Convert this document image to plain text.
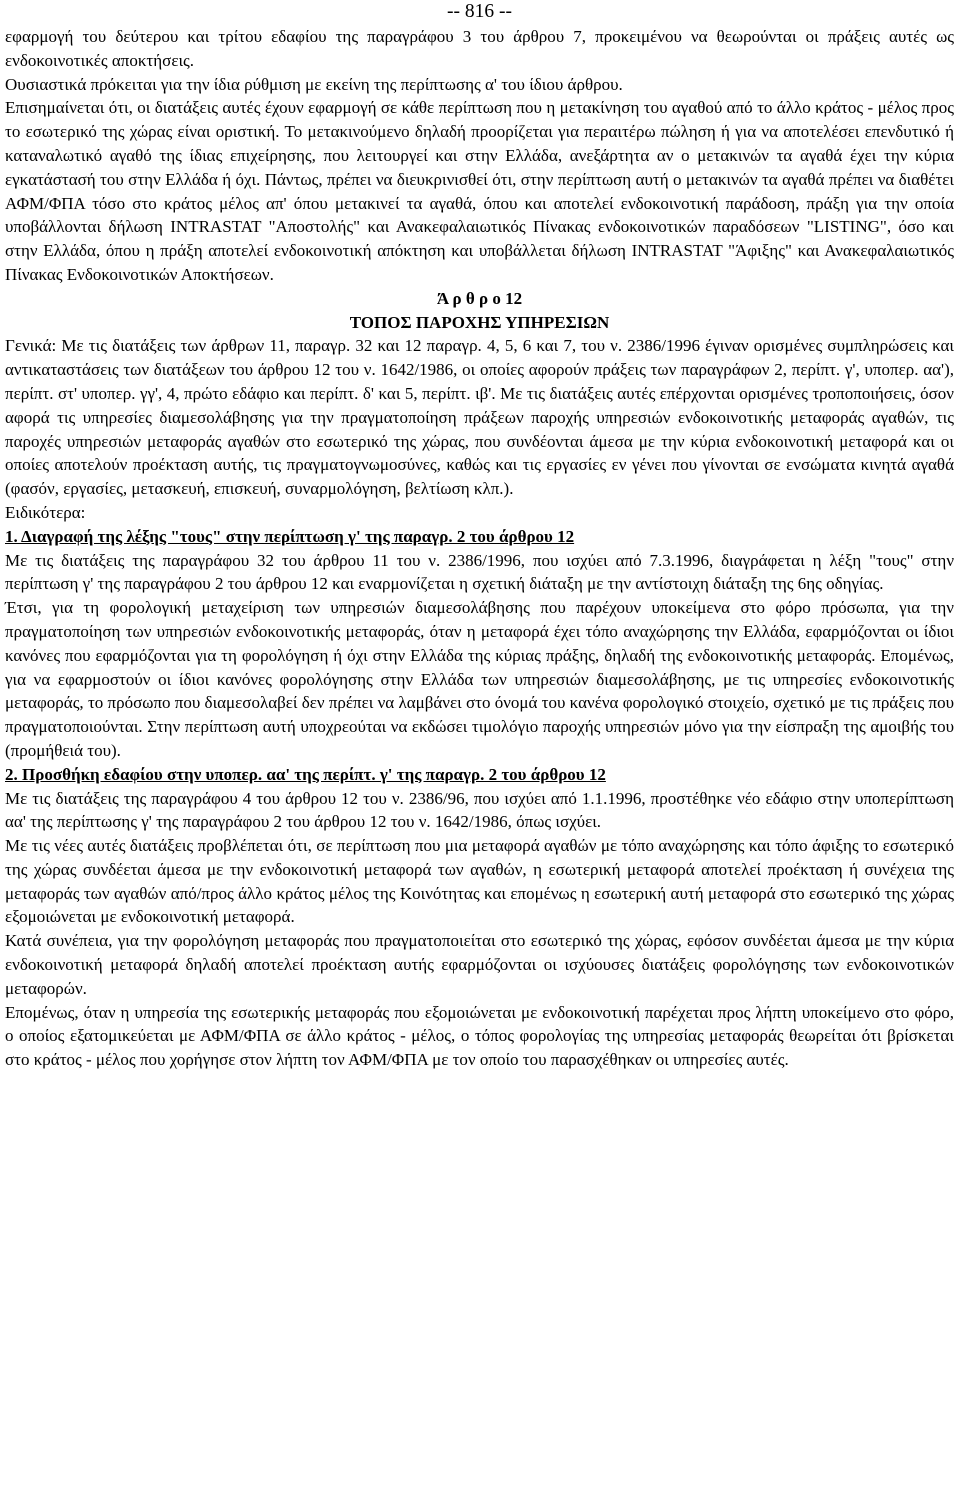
-- 816 --

εφαρμογή του δεύτερου και τρίτου εδαφίου της παραγράφου 3 του άρθρου 7, προκειμένου να θεωρούνται οι πράξεις αυτές ως ενδοκοινοτικές αποκτήσεις.

Ουσιαστικά πρόκειται για την ίδια ρύθμιση με εκείνη της περίπτωσης α' του ίδιου άρθρου.

Επισημαίνεται ότι, οι διατάξεις αυτές έχουν εφαρμογή σε κάθε περίπτωση που η μετακίνηση του αγαθού από το άλλο κράτος - μέλος προς το εσωτερικό της χώρας είναι οριστική. Το μετακινούμενο δηλαδή προορίζεται για περαιτέρω πώληση ή για να αποτελέσει επενδυτικό ή καταναλωτικό αγαθό της ίδιας επιχείρησης, που λειτουργεί και στην Ελλάδα, ανεξάρτητα αν ο μετακινών τα αγαθά έχει την κύρια εγκατάστασή του στην Ελλάδα ή όχι. Πάντως, πρέπει να διευκρινισθεί ότι, στην περίπτωση αυτή ο μετακινών τα αγαθά πρέπει να διαθέτει ΑΦΜ/ΦΠΑ τόσο στο κράτος μέλος απ' όπου μετακινεί τα αγαθά, όπου και αποτελεί ενδοκοινοτική παράδοση, πράξη για την οποία υποβάλλονται δήλωση INTRASTAT "Αποστολής" και Ανακεφαλαιωτικός Πίνακας ενδοκοινοτικών παραδόσεων "LISTING", όσο και στην Ελλάδα, όπου η πράξη αποτελεί ενδοκοινοτική απόκτηση και υποβάλλεται δήλωση INTRASTAT "Άφιξης" και Ανακεφαλαιωτικός Πίνακας Ενδοκοινοτικών Αποκτήσεων.

Ά ρ θ ρ ο 12
ΤΟΠΟΣ ΠΑΡΟΧΗΣ ΥΠΗΡΕΣΙΩΝ

Γενικά: Με τις διατάξεις των άρθρων 11, παραγρ. 32 και 12 παραγρ. 4, 5, 6 και 7, του ν. 2386/1996 έγιναν ορισμένες συμπληρώσεις και αντικαταστάσεις των διατάξεων του άρθρου 12 του ν. 1642/1986, οι οποίες αφορούν πράξεις των παραγράφων 2, περίπτ. γ', υποπερ. αα'), περίπτ. στ' υποπερ. γγ', 4, πρώτο εδάφιο και περίπτ. δ' και 5, περίπτ. ιβ'. Με τις διατάξεις αυτές επέρχονται ορισμένες τροποποιήσεις, όσον αφορά τις υπηρεσίες διαμεσολάβησης για την πραγματοποίηση πράξεων παροχής υπηρεσιών ενδοκοινοτικής μεταφοράς αγαθών, τις παροχές υπηρεσιών μεταφοράς αγαθών στο εσωτερικό της χώρας, που συνδέονται άμεσα με την κύρια ενδοκοινοτική μεταφορά και οι οποίες αποτελούν προέκταση αυτής, τις πραγματογνωμοσύνες, καθώς και τις εργασίες εν γένει που γίνονται σε ενσώματα κινητά αγαθά (φασόν, εργασίες, μετασκευή, επισκευή, συναρμολόγηση, βελτίωση κλπ.).

Ειδικότερα:

1. Διαγραφή της λέξης "τους" στην περίπτωση γ' της παραγρ. 2 του άρθρου 12

Με τις διατάξεις της παραγράφου 32 του άρθρου 11 του ν. 2386/1996, που ισχύει από 7.3.1996, διαγράφεται η λέξη "τους" στην περίπτωση γ' της παραγράφου 2 του άρθρου 12 και εναρμονίζεται η σχετική διάταξη με την αντίστοιχη διάταξη της 6ης οδηγίας.

Έτσι, για τη φορολογική μεταχείριση των υπηρεσιών διαμεσολάβησης που παρέχουν υποκείμενα στο φόρο πρόσωπα, για την πραγματοποίηση των υπηρεσιών ενδοκοινοτικής μεταφοράς, όταν η μεταφορά έχει τόπο αναχώρησης την Ελλάδα, εφαρμόζονται οι ίδιοι κανόνες που εφαρμόζονται για τη φορολόγηση ή όχι στην Ελλάδα της κύριας πράξης, δηλαδή της ενδοκοινοτικής μεταφοράς. Επομένως, για να εφαρμοστούν οι ίδιοι κανόνες φορολόγησης στην Ελλάδα των υπηρεσιών διαμεσολάβησης, με τις υπηρεσίες ενδοκοινοτικής μεταφοράς, το πρόσωπο που διαμεσολαβεί δεν πρέπει να λαμβάνει στο όνομά του κανένα φορολογικό στοιχείο, σχετικό με τις πράξεις που πραγματοποιούνται. Στην περίπτωση αυτή υποχρεούται να εκδώσει τιμολόγιο παροχής υπηρεσιών μόνο για την είσπραξη της αμοιβής του (προμήθειά του).

2. Προσθήκη εδαφίου στην υποπερ. αα' της περίπτ. γ' της παραγρ. 2 του άρθρου 12

Με τις διατάξεις της παραγράφου 4 του άρθρου 12 του ν. 2386/96, που ισχύει από 1.1.1996, προστέθηκε νέο εδάφιο στην υποπερίπτωση αα' της περίπτωσης γ' της παραγράφου 2 του άρθρου 12 του ν. 1642/1986, όπως ισχύει.

Με τις νέες αυτές διατάξεις προβλέπεται ότι, σε περίπτωση που μια μεταφορά αγαθών με τόπο αναχώρησης και τόπο άφιξης το εσωτερικό της χώρας συνδέεται άμεσα με την ενδοκοινοτική μεταφορά των αγαθών, η εσωτερική μεταφορά αποτελεί προέκταση ή συνέχεια της μεταφοράς των αγαθών από/προς άλλο κράτος μέλος της Κοινότητας και επομένως η εσωτερική αυτή μεταφορά στο εσωτερικό της χώρας εξομοιώνεται με ενδοκοινοτική μεταφορά.

Κατά συνέπεια, για την φορολόγηση μεταφοράς που πραγματοποιείται στο εσωτερικό της χώρας, εφόσον συνδέεται άμεσα με την κύρια ενδοκοινοτική μεταφορά δηλαδή αποτελεί προέκταση αυτής εφαρμόζονται οι ισχύουσες διατάξεις φορολόγησης των ενδοκοινοτικών μεταφορών.

Επομένως, όταν η υπηρεσία της εσωτερικής μεταφοράς που εξομοιώνεται με ενδοκοινοτική παρέχεται προς λήπτη υποκείμενο στο φόρο, ο οποίος εξατομικεύεται με ΑΦΜ/ΦΠΑ σε άλλο κράτος - μέλος, ο τόπος φορολογίας της υπηρεσίας μεταφοράς θεωρείται ότι βρίσκεται στο κράτος - μέλος που χορήγησε στον λήπτη τον ΑΦΜ/ΦΠΑ με τον οποίο του παρασχέθηκαν οι υπηρεσίες αυτές.
